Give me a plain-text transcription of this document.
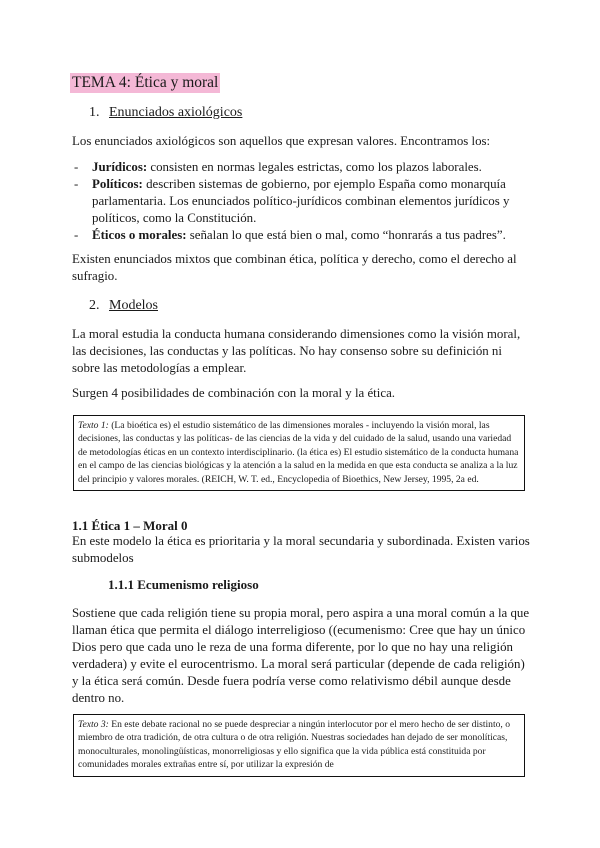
TEMA 4: Ética y moral
1. Enunciados axiológicos
Los enunciados axiológicos son aquellos que expresan valores. Encontramos los:
- Jurídicos: consisten en normas legales estrictas, como los plazos laborales.
- Políticos: describen sistemas de gobierno, por ejemplo España como monarquía parlamentaria. Los enunciados político-jurídicos combinan elementos jurídicos y políticos, como la Constitución.
- Éticos o morales: señalan lo que está bien o mal, como “honrarás a tus padres”.
Existen enunciados mixtos que combinan ética, política y derecho, como el derecho al sufragio.
2. Modelos
La moral estudia la conducta humana considerando dimensiones como la visión moral, las decisiones, las conductas y las políticas. No hay consenso sobre su definición ni sobre las metodologías a emplear.
Surgen 4 posibilidades de combinación con la moral y la ética.
Texto 1: (La bioética es) el estudio sistemático de las dimensiones morales - incluyendo la visión moral, las decisiones, las conductas y las políticas- de las ciencias de la vida y del cuidado de la salud, usando una variedad de metodologías éticas en un contexto interdisciplinario. (la ética es) El estudio sistemático de la conducta humana en el campo de las ciencias biológicas y la atención a la salud en la medida en que esta conducta se analiza a la luz del principio y valores morales. (REICH, W. T. ed., Encyclopedia of Bioethics, New Jersey, 1995, 2a ed.
1.1 Ética 1 – Moral 0
En este modelo la ética es prioritaria y la moral secundaria y subordinada. Existen varios submodelos
1.1.1 Ecumenismo religioso
Sostiene que cada religión tiene su propia moral, pero aspira a una moral común a la que llaman ética que permita el diálogo interreligioso ((ecumenismo: Cree que hay un único Dios pero que cada uno le reza de una forma diferente, por lo que no hay una religión verdadera) y evite el eurocentrismo. La moral será particular (depende de cada religión) y la ética será común. Desde fuera podría verse como relativismo débil aunque desde dentro no.
Texto 3: En este debate racional no se puede despreciar a ningún interlocutor por el mero hecho de ser distinto, o miembro de otra tradición, de otra cultura o de otra religión. Nuestras sociedades han dejado de ser monolíticas, monoculturales, monolingüísticas, monorreligiosas y ello significa que la vida pública está constituida por comunidades morales extrañas entre sí, por utilizar la expresión de
